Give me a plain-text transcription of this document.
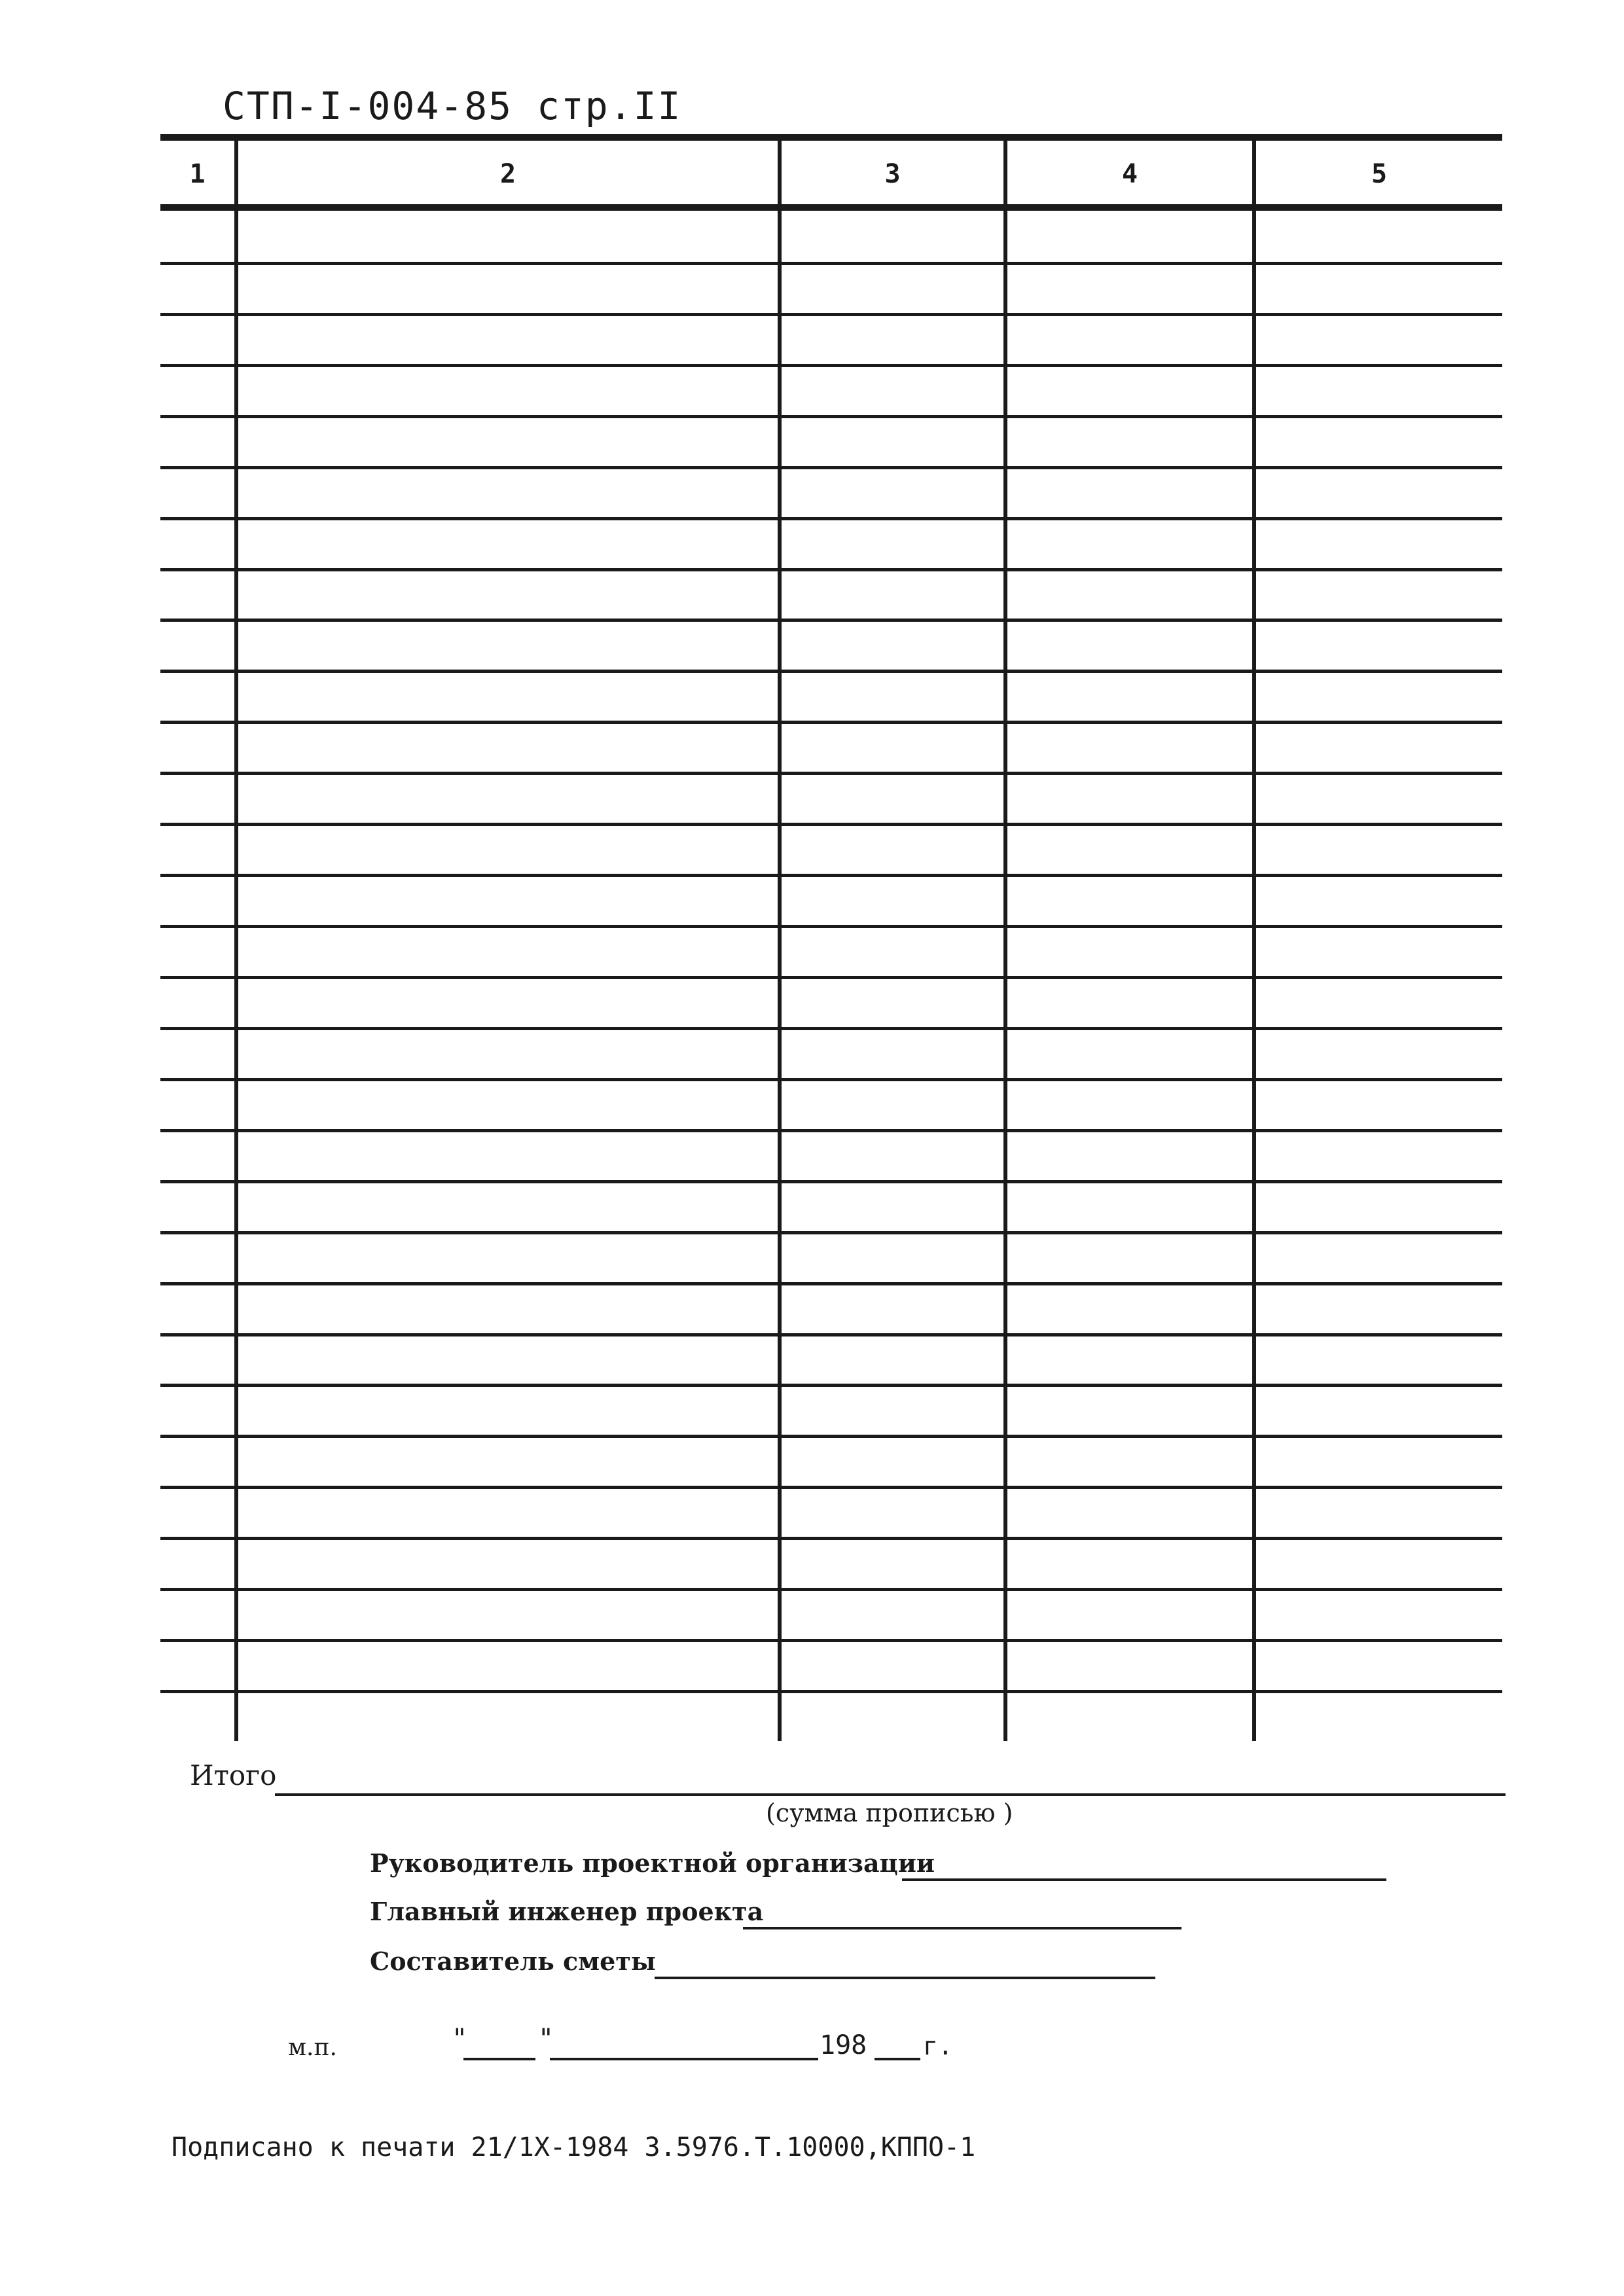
СТП-I-004-85 стр.II
1	2	3	4	5
Итого
(сумма прописью )
Руководитель проектной организации
Главный инженер проекта
Составитель сметы
м.п.	"	"	198 г.
Подписано к печати 21/1Х-1984 3.5976.Т.10000,КППО-1
